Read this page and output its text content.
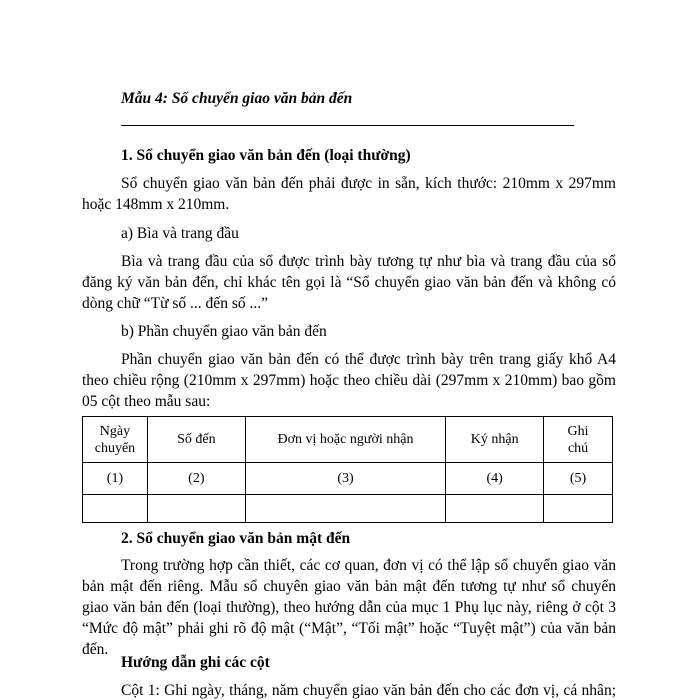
Mẫu 4: Sổ chuyển giao văn bản đến
1. Sổ chuyển giao văn bản đến (loại thường)
Sổ chuyển giao văn bản đến phải được in sẵn, kích thước: 210mm x 297mm
hoặc 148mm x 210mm.
a) Bìa và trang đầu
Bìa và trang đầu của sổ được trình bày tương tự như bìa và trang đầu của sổ
đăng ký văn bản đến, chỉ khác tên gọi là “Sổ chuyển giao văn bản đến và không có
dòng chữ “Từ số ... đến số ...”
b) Phần chuyển giao văn bản đến
Phần chuyển giao văn bản đến có thể được trình bày trên trang giấy khổ A4
theo chiều rộng (210mm x 297mm) hoặc theo chiều dài (297mm x 210mm) bao gồm
05 cột theo mẫu sau:
Ngày
chuyển	Số đến	Đơn vị hoặc người nhận	Ký nhận	Ghi
chú
(1)	(2)	(3)	(4)	(5)

2. Sổ chuyển giao văn bản mật đến
Trong trường hợp cần thiết, các cơ quan, đơn vị có thể lập sổ chuyển giao văn
bản mật đến riêng. Mẫu sổ chuyên giao văn bản mật đến tương tự như sổ chuyển
giao văn bản đến (loại thường), theo hướng dẫn của mục 1 Phụ lục này, riêng ở cột 3
“Mức độ mật” phải ghi rõ độ mật (“Mật”, “Tối mật” hoặc “Tuyệt mật”) của văn bản
đến.
Hướng dẫn ghi các cột
Cột 1: Ghi ngày, tháng, năm chuyển giao văn bản đến cho các đơn vị, cá nhân;
